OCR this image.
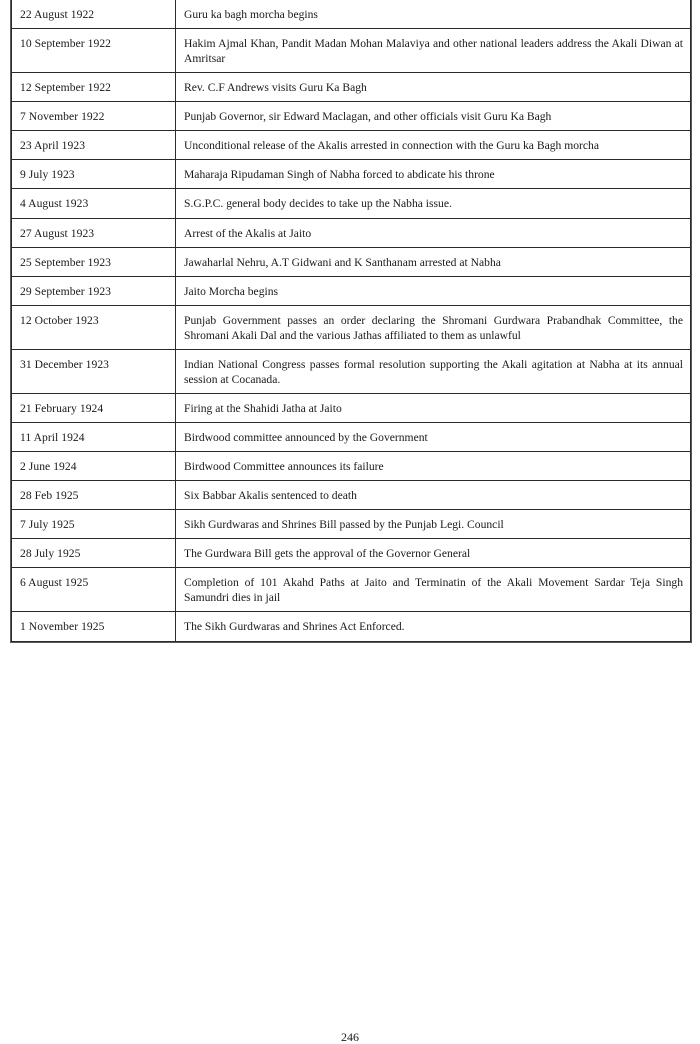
22 August 1922	Guru ka bagh morcha begins
10 September 1922	Hakim Ajmal Khan, Pandit Madan Mohan Malaviya and other national leaders address the Akali Diwan at Amritsar
12 September 1922	Rev. C.F Andrews visits Guru Ka Bagh
7 November 1922	Punjab Governor, sir Edward Maclagan, and other officials visit Guru Ka Bagh
23 April 1923	Unconditional release of the Akalis arrested in connection with the Guru ka Bagh morcha
9 July 1923	Maharaja Ripudaman Singh of Nabha forced to abdicate his throne
4 August 1923	S.G.P.C. general body decides to take up the Nabha issue.
27 August 1923	Arrest of the Akalis at Jaito
25 September 1923	Jawaharlal Nehru, A.T Gidwani and K Santhanam arrested at Nabha
29 September 1923	Jaito Morcha begins
12 October 1923	Punjab Government passes an order declaring the Shromani Gurdwara Prabandhak Committee, the Shromani Akali Dal and the various Jathas affiliated to them as unlawful
31 December 1923	Indian National Congress passes formal resolution supporting the Akali agitation at Nabha at its annual session at Cocanada.
21 February 1924	Firing at the Shahidi Jatha at Jaito
11 April 1924	Birdwood committee announced by the Government
2 June 1924	Birdwood Committee announces its failure
28 Feb 1925	Six Babbar Akalis sentenced to death
7 July 1925	Sikh Gurdwaras and Shrines Bill passed by the Punjab Legi. Council
28 July 1925	The Gurdwara Bill gets the approval of the Governor General
6 August 1925	Completion of 101 Akahd Paths at Jaito and Terminatin of the Akali Movement Sardar Teja Singh Samundri dies in jail
1 November 1925	The Sikh Gurdwaras and Shrines Act Enforced.
246
